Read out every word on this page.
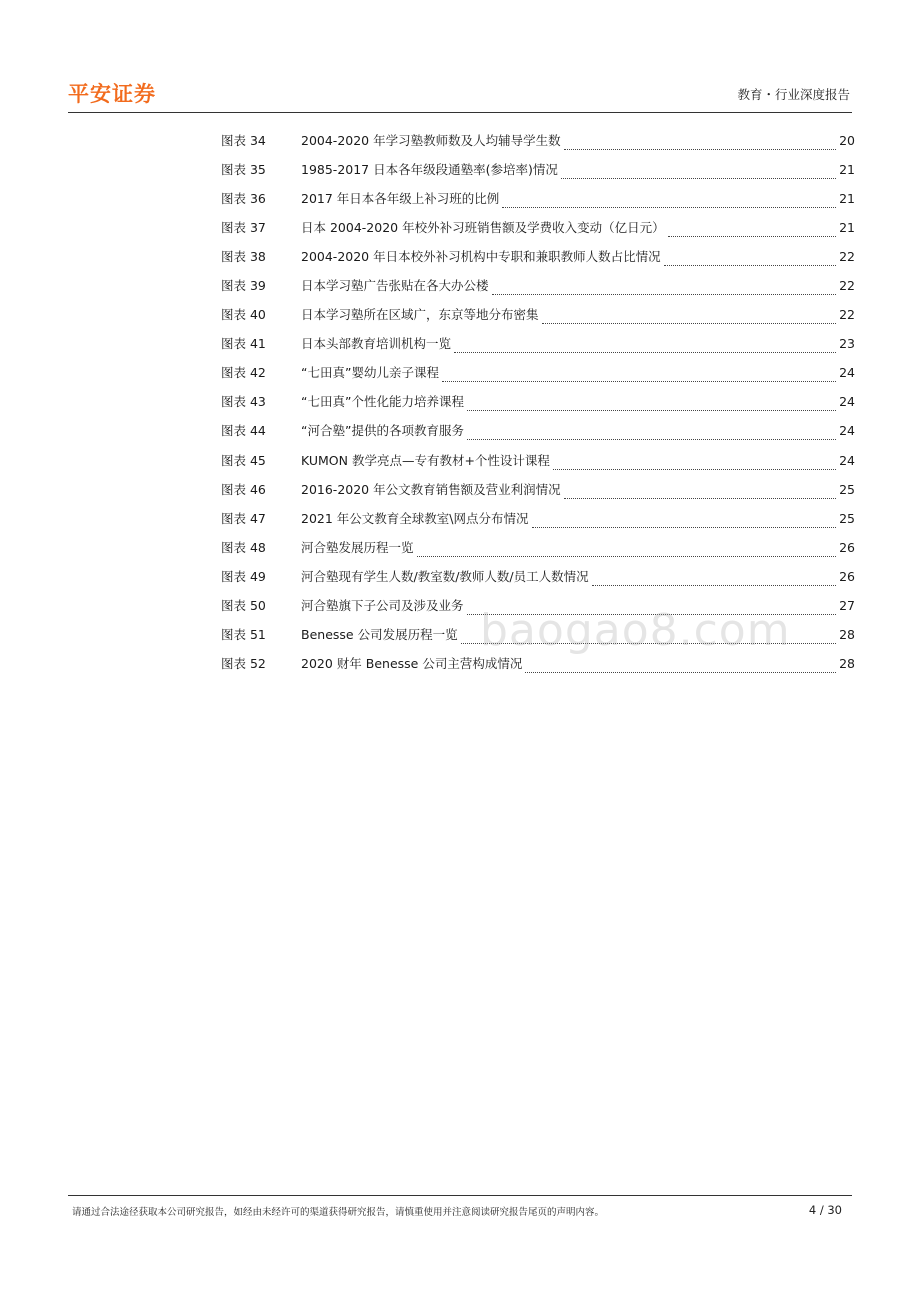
平安证券	教育・行业深度报告
图表 34	2004-2020 年学习塾教师数及人均辅导学生数	20
图表 35	1985-2017 日本各年级段通塾率(参培率)情况	21
图表 36	2017 年日本各年级上补习班的比例	21
图表 37	日本 2004-2020 年校外补习班销售额及学费收入变动（亿日元）	21
图表 38	2004-2020 年日本校外补习机构中专职和兼职教师人数占比情况	22
图表 39	日本学习塾广告张贴在各大办公楼	22
图表 40	日本学习塾所在区域广，东京等地分布密集	22
图表 41	日本头部教育培训机构一览	23
图表 42	“七田真”婴幼儿亲子课程	24
图表 43	“七田真”个性化能力培养课程	24
图表 44	“河合塾”提供的各项教育服务	24
图表 45	KUMON 教学亮点—专有教材+个性设计课程	24
图表 46	2016-2020 年公文教育销售额及营业利润情况	25
图表 47	2021 年公文教育全球教室\网点分布情况	25
图表 48	河合塾发展历程一览	26
图表 49	河合塾现有学生人数/教室数/教师人数/员工人数情况	26
图表 50	河合塾旗下子公司及涉及业务	27
图表 51	Benesse 公司发展历程一览	28
图表 52	2020 财年 Benesse 公司主营构成情况	28
baogao8.com
请通过合法途径获取本公司研究报告，如经由未经许可的渠道获得研究报告，请慎重使用并注意阅读研究报告尾页的声明内容。	4 / 30
